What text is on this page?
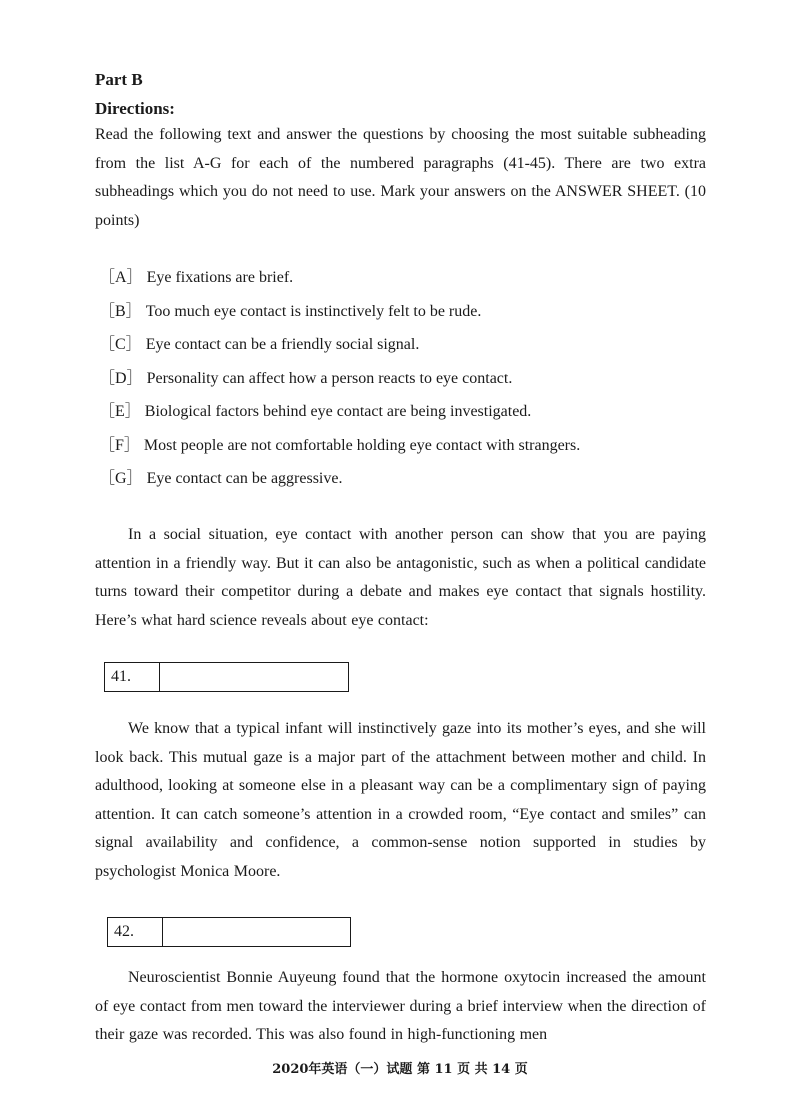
Part B
Directions:
Read the following text and answer the questions by choosing the most suitable subheading from the list A-G for each of the numbered paragraphs (41-45). There are two extra subheadings which you do not need to use. Mark your answers on the ANSWER SHEET. (10 points)
［A］ Eye fixations are brief.
［B］ Too much eye contact is instinctively felt to be rude.
［C］ Eye contact can be a friendly social signal.
［D］ Personality can affect how a person reacts to eye contact.
［E］ Biological factors behind eye contact are being investigated.
［F］ Most people are not comfortable holding eye contact with strangers.
［G］ Eye contact can be aggressive.
In a social situation, eye contact with another person can show that you are paying attention in a friendly way. But it can also be antagonistic, such as when a political candidate turns toward their competitor during a debate and makes eye contact that signals hostility. Here’s what hard science reveals about eye contact:
41.
We know that a typical infant will instinctively gaze into its mother’s eyes, and she will look back. This mutual gaze is a major part of the attachment between mother and child. In adulthood, looking at someone else in a pleasant way can be a complimentary sign of paying attention. It can catch someone’s attention in a crowded room, “Eye contact and smiles” can signal availability and confidence, a common-sense notion supported in studies by psychologist Monica Moore.
42.
Neuroscientist Bonnie Auyeung found that the hormone oxytocin increased the amount of eye contact from men toward the interviewer during a brief interview when the direction of their gaze was recorded. This was also found in high-functioning men
2020年英语（一）试题 第 11 页 共 14 页
